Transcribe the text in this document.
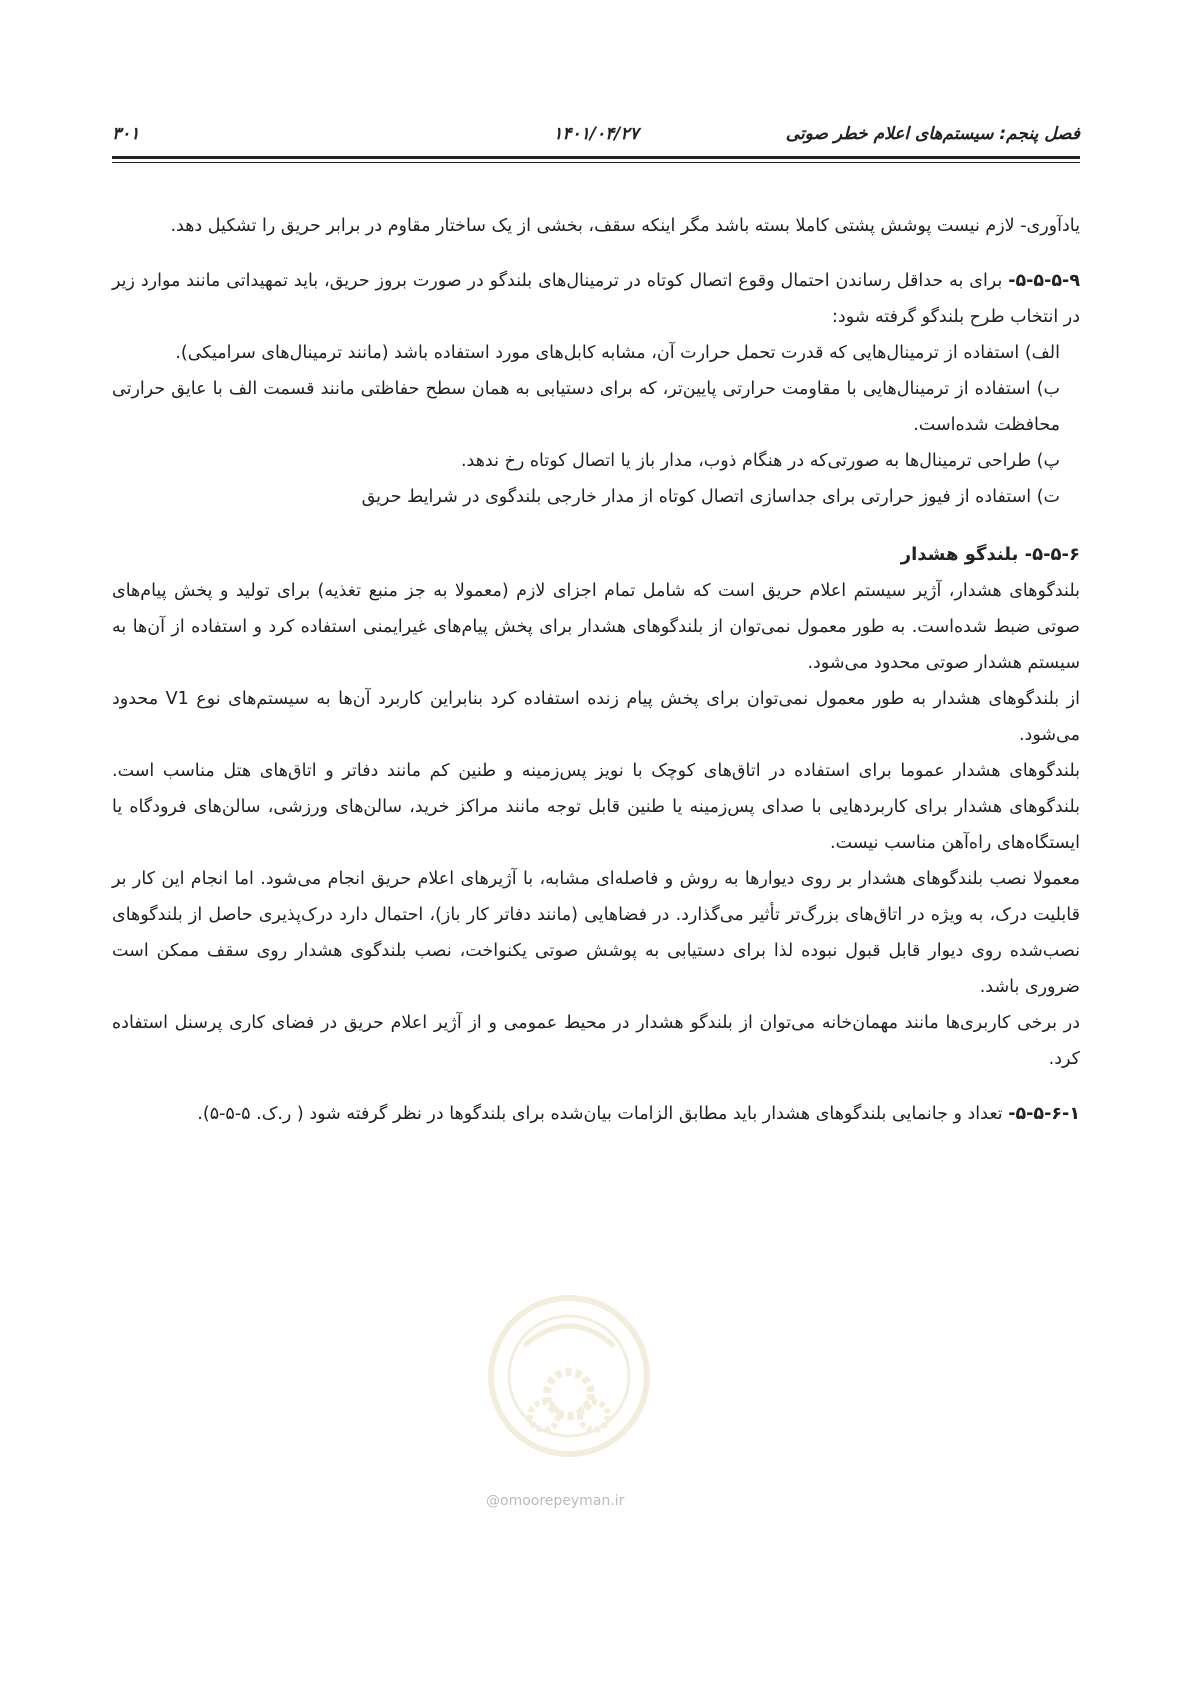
فصل پنجم: سیستم‌های اعلام خطر صوتی
۱۴۰۱/۰۴/۲۷
۳۰۱

یادآوری- لازم نیست پوشش پشتی کاملا بسته باشد مگر اینکه سقف، بخشی از یک ساختار مقاوم در برابر حریق را تشکیل دهد.

۵-۵-۵-۹- برای به حداقل رساندن احتمال وقوع اتصال کوتاه در ترمینال‌های بلندگو در صورت بروز حریق، باید تمهیداتی مانند موارد زیر در انتخاب طرح بلندگو گرفته شود:

الف) استفاده از ترمینال‌هایی که قدرت تحمل حرارت آن، مشابه کابل‌های مورد استفاده باشد (مانند ترمینال‌های سرامیکی).

ب) استفاده از ترمینال‌هایی با مقاومت حرارتی پایین‌تر، که برای دستیابی به همان سطح حفاظتی مانند قسمت الف با عایق حرارتی محافظت شده‌است.

پ) طراحی ترمینال‌ها به صورتی‌که در هنگام ذوب، مدار باز یا اتصال کوتاه رخ ندهد.

ت) استفاده از فیوز حرارتی برای جداسازی اتصال کوتاه از مدار خارجی بلندگوی در شرایط حریق

۵-۵-۶- بلندگو هشدار

بلندگوهای هشدار، آژیر سیستم اعلام حریق است که شامل تمام اجزای لازم (معمولا به جز منبع تغذیه) برای تولید و پخش پیام‌های صوتی ضبط شده‌است. به طور معمول نمی‌توان از بلندگوهای هشدار برای پخش پیام‌های غیرایمنی استفاده کرد و استفاده از آن‌ها به سیستم هشدار صوتی محدود می‌شود.

از بلندگوهای هشدار به طور معمول نمی‌توان برای پخش پیام زنده استفاده کرد بنابراین کاربرد آن‌ها به سیستم‌های نوع V1 محدود می‌شود.

بلندگوهای هشدار عموما برای استفاده در اتاق‌های کوچک با نویز پس‌زمینه و طنین کم مانند دفاتر و اتاق‌های هتل مناسب است. بلندگوهای هشدار برای کاربردهایی با صدای پس‌زمینه یا طنین قابل توجه مانند مراکز خرید، سالن‌های ورزشی، سالن‌های فرودگاه یا ایستگاه‌های راه‌آهن مناسب نیست.

معمولا نصب بلندگوهای هشدار بر روی دیوارها به روش و فاصله‌ای مشابه، با آژیرهای اعلام حریق انجام می‌شود. اما انجام این کار بر قابلیت درک، به ویژه در اتاق‌های بزرگ‌تر تأثیر می‌گذارد. در فضاهایی (مانند دفاتر کار باز)، احتمال دارد درک‌پذیری حاصل از بلندگوهای نصب‌شده روی دیوار قابل قبول نبوده لذا برای دستیابی به پوشش صوتی یکنواخت، نصب بلندگوی هشدار روی سقف ممکن است ضروری باشد.

در برخی کاربری‌ها مانند مهمان‌خانه می‌توان از بلندگو هشدار در محیط عمومی و از آژیر اعلام حریق در فضای کاری پرسنل استفاده کرد.

۵-۵-۶-۱- تعداد و جانمایی بلندگوهای هشدار باید مطابق الزامات بیان‌شده برای بلندگوها در نظر گرفته شود ( ر.ک. ۵-۵-۵).

@omoorepeyman.ir
